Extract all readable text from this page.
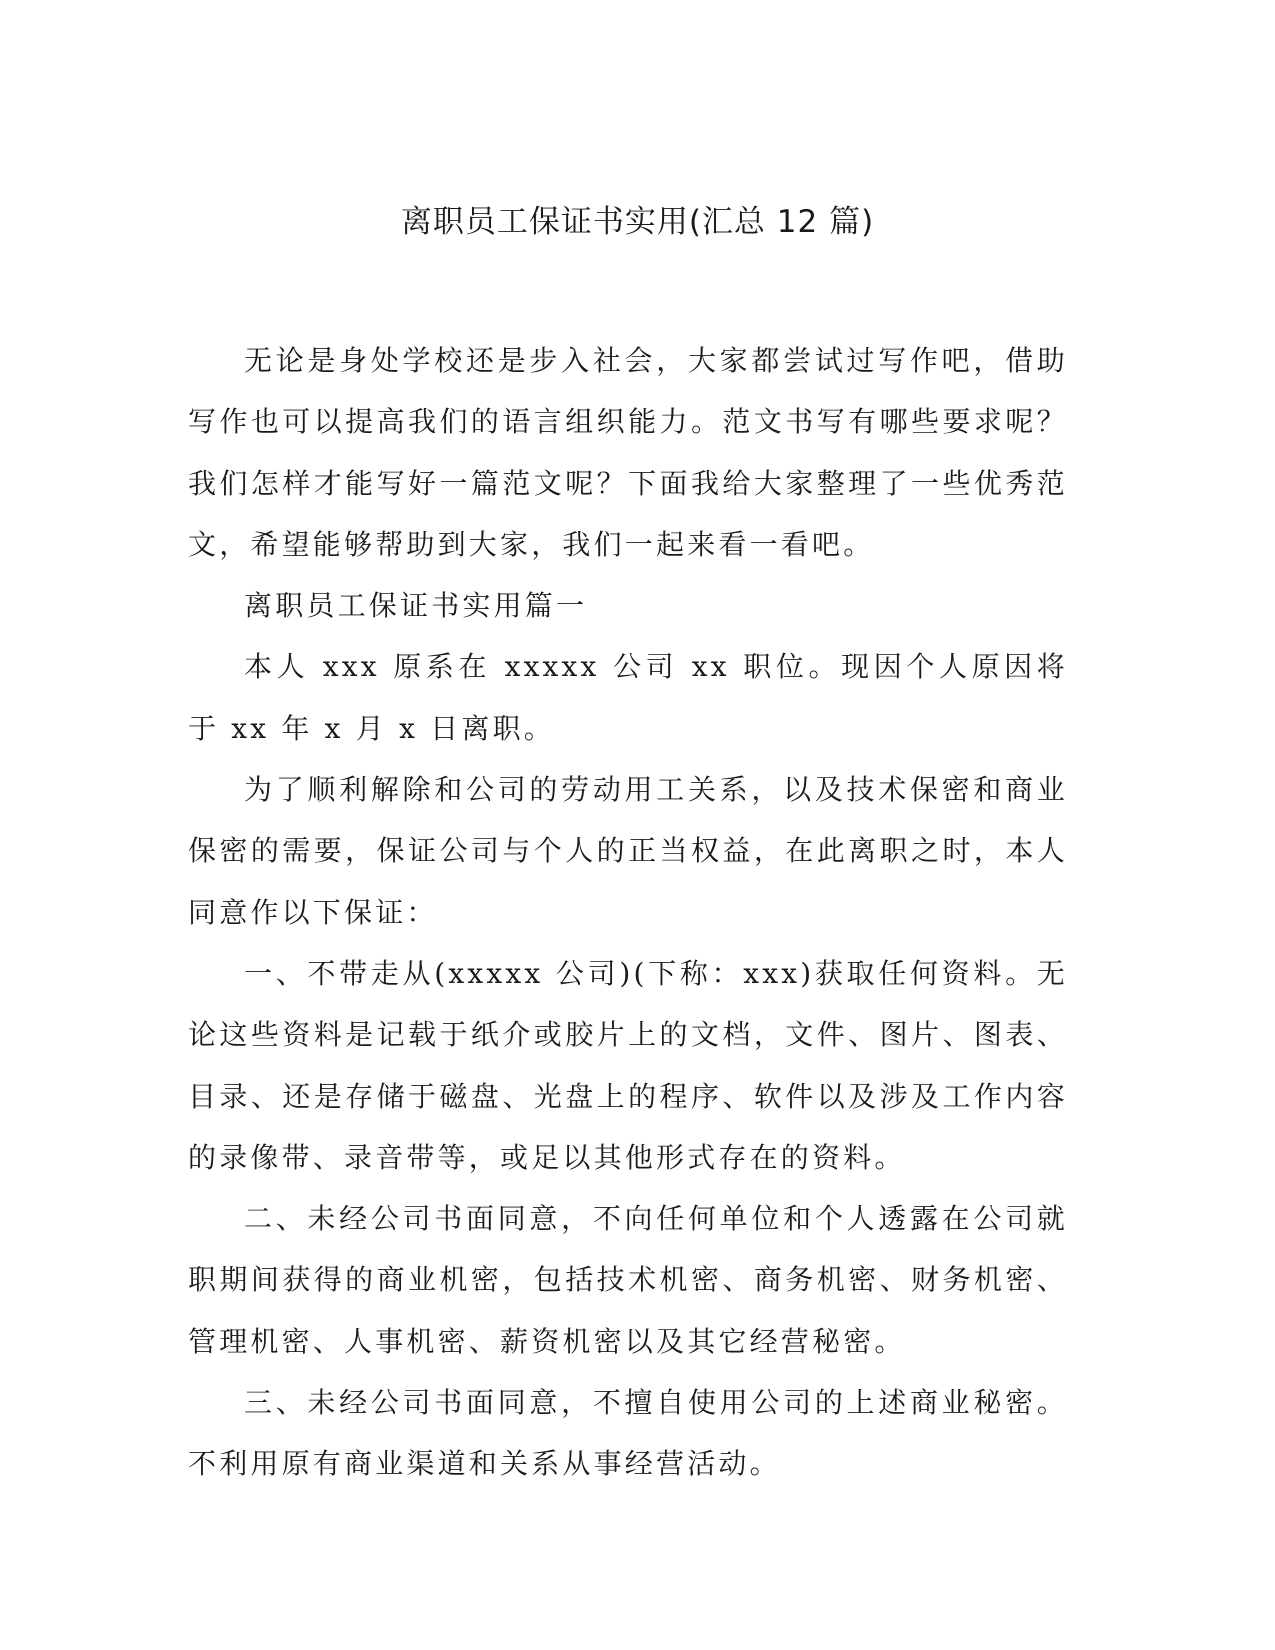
离职员工保证书实用(汇总 12 篇)

无论是身处学校还是步入社会，大家都尝试过写作吧，借助写作也可以提高我们的语言组织能力。范文书写有哪些要求呢？我们怎样才能写好一篇范文呢？下面我给大家整理了一些优秀范文，希望能够帮助到大家，我们一起来看一看吧。

离职员工保证书实用篇一

本人 xxx 原系在 xxxxx 公司 xx 职位。现因个人原因将于 xx 年 x 月 x 日离职。

为了顺利解除和公司的劳动用工关系，以及技术保密和商业保密的需要，保证公司与个人的正当权益，在此离职之时，本人同意作以下保证：

一、不带走从(xxxxx 公司)(下称：xxx)获取任何资料。无论这些资料是记载于纸介或胶片上的文档，文件、图片、图表、目录、还是存储于磁盘、光盘上的程序、软件以及涉及工作内容的录像带、录音带等，或足以其他形式存在的资料。

二、未经公司书面同意，不向任何单位和个人透露在公司就职期间获得的商业机密，包括技术机密、商务机密、财务机密、管理机密、人事机密、薪资机密以及其它经营秘密。

三、未经公司书面同意，不擅自使用公司的上述商业秘密。不利用原有商业渠道和关系从事经营活动。
